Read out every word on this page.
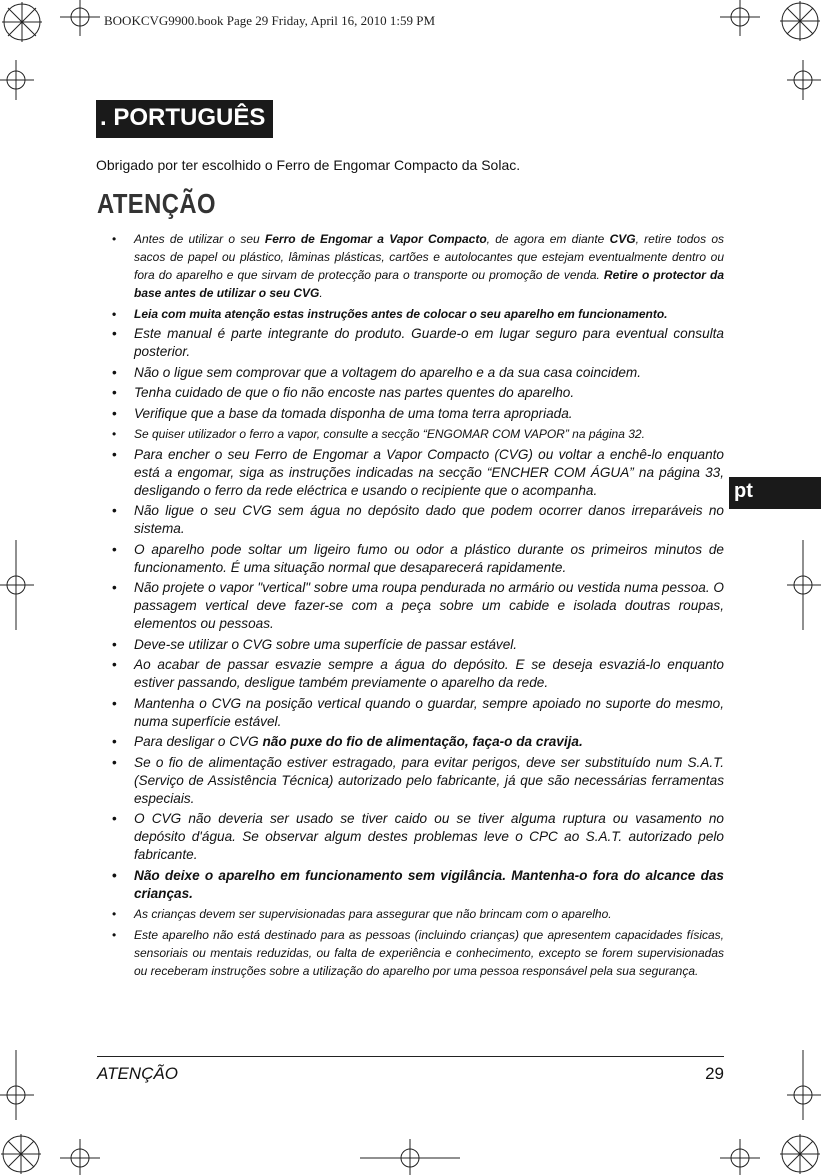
BOOKCVG9900.book Page 29 Friday, April 16, 2010 1:59 PM
. PORTUGUÊS
Obrigado por ter escolhido o Ferro de Engomar Compacto da Solac.
ATENÇÃO
pt
• Antes de utilizar o seu Ferro de Engomar a Vapor Compacto, de agora em diante CVG, retire todos os sacos de papel ou plástico, lâminas plásticas, cartões e autolocantes que estejam eventualmente dentro ou fora do aparelho e que sirvam de protecção para o transporte ou promoção de venda. Retire o protector da base antes de utilizar o seu CVG.
• Leia com muita atenção estas instruções antes de colocar o seu aparelho em funcionamento.
• Este manual é parte integrante do produto. Guarde-o em lugar seguro para eventual consulta posterior.
• Não o ligue sem comprovar que a voltagem do aparelho e a da sua casa coincidem.
• Tenha cuidado de que o fio não encoste nas partes quentes do aparelho.
• Verifique que a base da tomada disponha de uma toma terra apropriada.
• Se quiser utilizador o ferro a vapor, consulte a secção “ENGOMAR COM VAPOR” na página 32.
• Para encher o seu Ferro de Engomar a Vapor Compacto (CVG) ou voltar a enchê-lo enquanto está a engomar, siga as instruções indicadas na secção “ENCHER COM ÁGUA” na página 33, desligando o ferro da rede eléctrica e usando o recipiente que o acompanha.
• Não ligue o seu CVG sem água no depósito dado que podem ocorrer danos irreparáveis no sistema.
• O aparelho pode soltar um ligeiro fumo ou odor a plástico durante os primeiros minutos de funcionamento. É uma situação normal que desaparecerá rapidamente.
• Não projete o vapor "vertical" sobre uma roupa pendurada no armário ou vestida numa pessoa. O passagem vertical deve fazer-se com a peça sobre um cabide e isolada doutras roupas, elementos ou pessoas.
• Deve-se utilizar o CVG sobre uma superfície de passar estável.
• Ao acabar de passar esvazie sempre a água do depósito. E se deseja esvaziá-lo enquanto estiver passando, desligue também previamente o aparelho da rede.
• Mantenha o CVG na posição vertical quando o guardar, sempre apoiado no suporte do mesmo, numa superfície estável.
• Para desligar o CVG não puxe do fio de alimentação, faça-o da cravija.
• Se o fio de alimentação estiver estragado, para evitar perigos, deve ser substituído num S.A.T. (Serviço de Assistência Técnica) autorizado pelo fabricante, já que são necessárias ferramentas especiais.
• O CVG não deveria ser usado se tiver caido ou se tiver alguma ruptura ou vasamento no depósito d'água. Se observar algum destes problemas leve o CPC ao S.A.T. autorizado pelo fabricante.
• Não deixe o aparelho em funcionamento sem vigilância. Mantenha-o fora do alcance das crianças.
• As crianças devem ser supervisionadas para assegurar que não brincam com o aparelho.
• Este aparelho não está destinado para as pessoas (incluindo crianças) que apresentem capacidades físicas, sensoriais ou mentais reduzidas, ou falta de experiência e conhecimento, excepto se forem supervisionadas ou receberam instruções sobre a utilização do aparelho por uma pessoa responsável pela sua segurança.
ATENÇÃO	29
